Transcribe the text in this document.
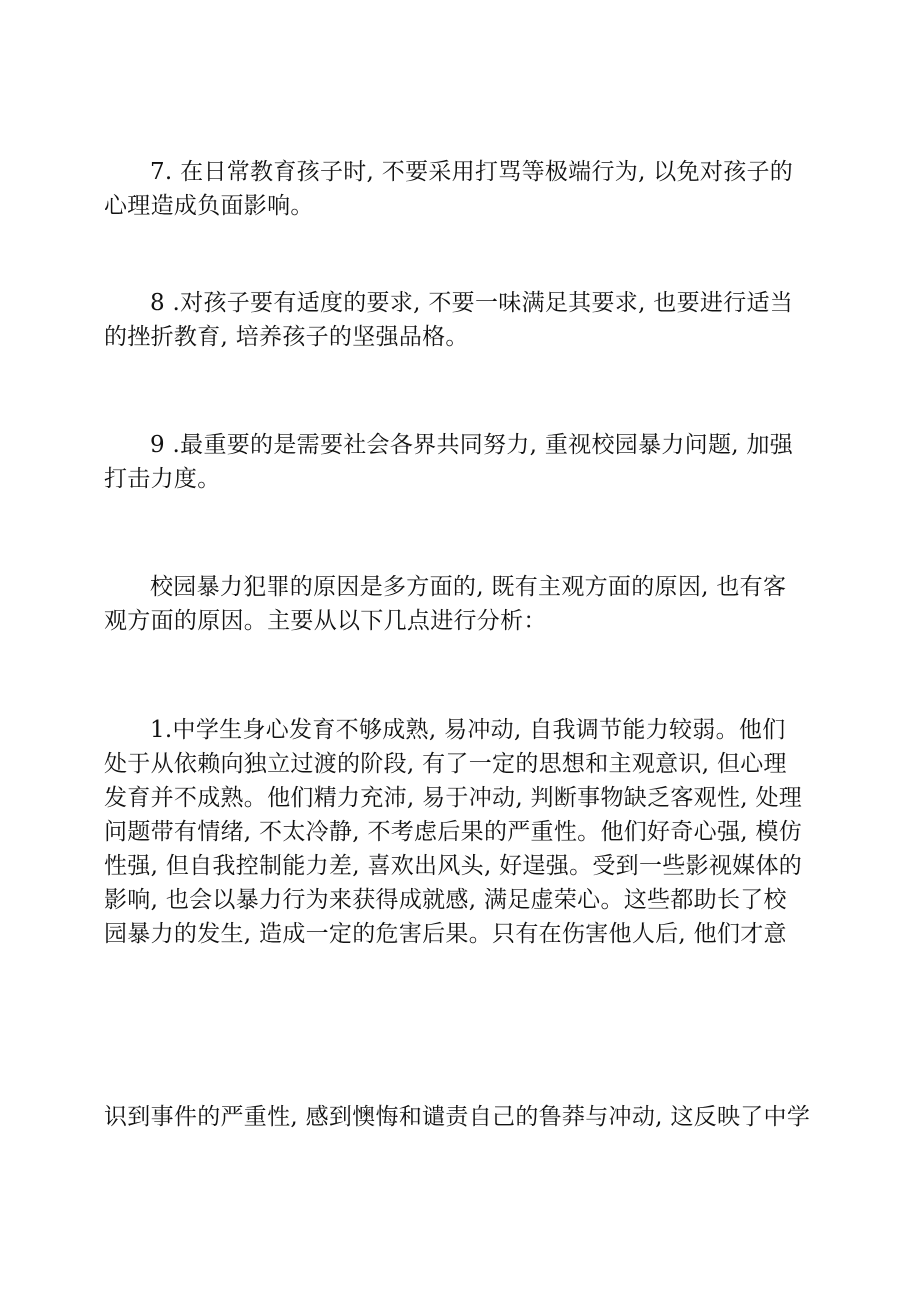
7. 在日常教育孩子时, 不要采用打骂等极端行为, 以免对孩子的心理造成负面影响。

8 .对孩子要有适度的要求, 不要一味满足其要求, 也要进行适当的挫折教育, 培养孩子的坚强品格。

9 .最重要的是需要社会各界共同努力, 重视校园暴力问题, 加强打击力度。

校园暴力犯罪的原因是多方面的, 既有主观方面的原因, 也有客观方面的原因。主要从以下几点进行分析：

1.中学生身心发育不够成熟, 易冲动, 自我调节能力较弱。他们处于从依赖向独立过渡的阶段, 有了一定的思想和主观意识, 但心理发育并不成熟。他们精力充沛, 易于冲动, 判断事物缺乏客观性, 处理问题带有情绪, 不太冷静, 不考虑后果的严重性。他们好奇心强, 模仿性强, 但自我控制能力差, 喜欢出风头, 好逞强。受到一些影视媒体的影响, 也会以暴力行为来获得成就感, 满足虚荣心。这些都助长了校园暴力的发生, 造成一定的危害后果。只有在伤害他人后, 他们才意

识到事件的严重性, 感到懊悔和谴责自己的鲁莽与冲动, 这反映了中学
